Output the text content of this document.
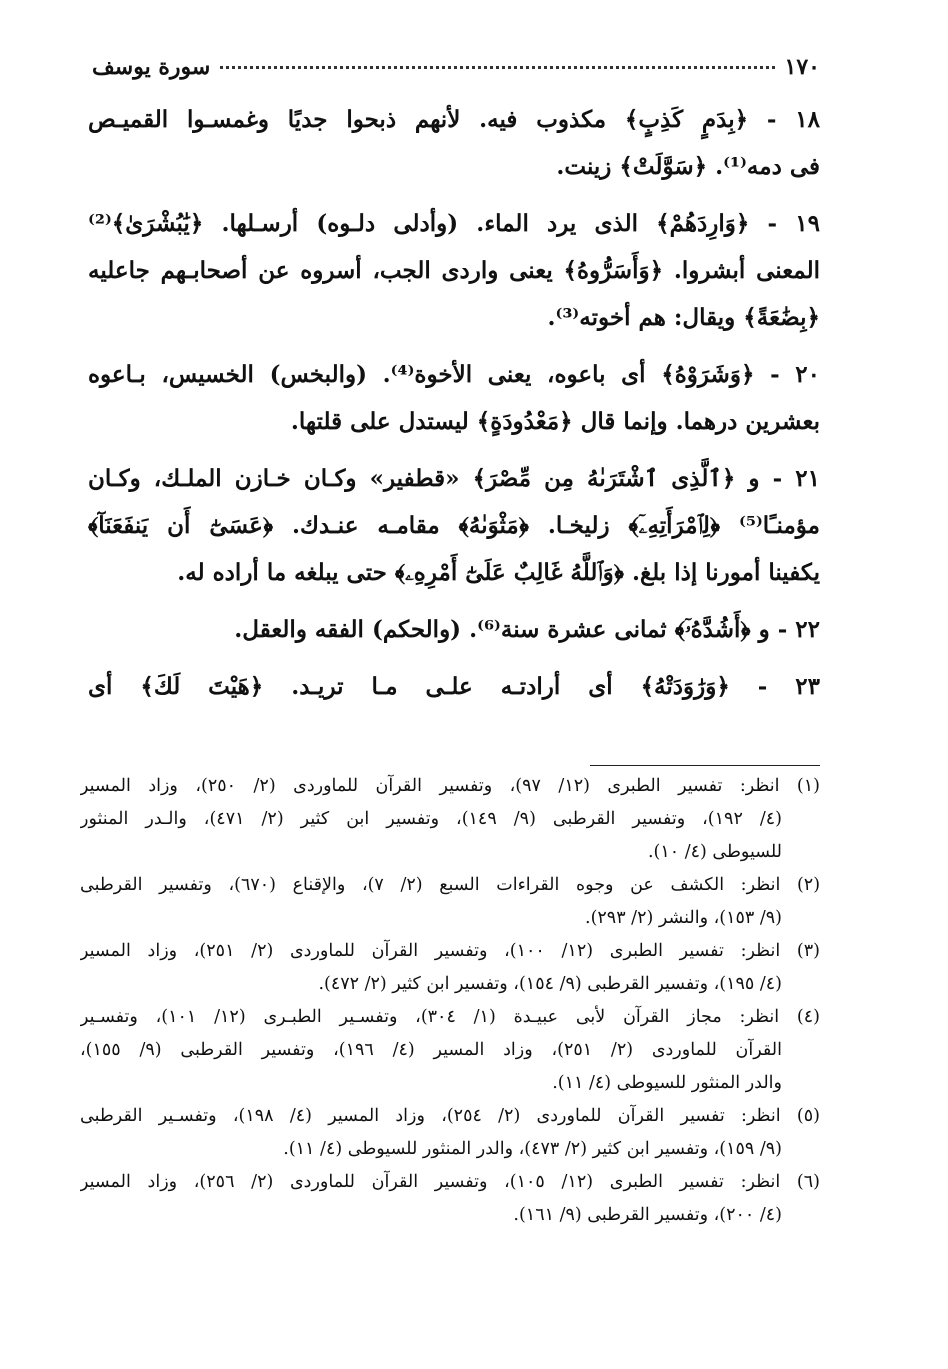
١٧٠
سورة يوسف
١٨ - ﴿بِدَمٍ كَذِبٍ﴾ مكذوب فيه. لأنهم ذبحوا جديًا وغمسـوا القميـص
فى دمه⁽¹⁾. ﴿سَوَّلَتْ﴾ زينت.
١٩ - ﴿وَارِدَهُمْ﴾ الذى يرد الماء. (وأدلى دلـوه) أرسـلها. ﴿يَٰبُشْرَىٰ﴾⁽²⁾
المعنى أبشروا. ﴿وَأَسَرُّوهُ﴾ يعنى واردى الجب، أسروه عن أصحابـهم جاعليه
﴿بِضَٰعَةً﴾ ويقال: هم أخوته⁽³⁾.
٢٠ - ﴿وَشَرَوْهُ﴾ أى باعوه، يعنى الأخوة⁽⁴⁾. (والبخس) الخسيس، بـاعوه
بعشرين درهما. وإنما قال ﴿مَعْدُودَةٍ﴾ ليستدل على قلتها.
٢١ - و ﴿ٱلَّذِى ٱشْتَرَىٰهُ مِن مِّصْرَ﴾ «قطفير» وكـان خـازن الملـك، وكـان
مؤمنـًا⁽⁵⁾ ﴿لِٱمْرَأَتِهِۦٓ﴾ زليخـا. ﴿مَثْوَىٰهُ﴾ مقامـه عنـدك. ﴿عَسَىٰٓ أَن يَنفَعَنَآ﴾
يكفينا أمورنا إذا بلغ. ﴿وَٱللَّهُ غَالِبٌ عَلَىٰٓ أَمْرِهِۦ﴾ حتى يبلغه ما أراده له.
٢٢ - و ﴿أَشُدَّهُۥٓ﴾ ثمانى عشرة سنة⁽⁶⁾. (والحكم) الفقه والعقل.
٢٣ - ﴿وَرَٰوَدَتْهُ﴾ أى أرادتـه علـى مـا تريـد. ﴿هَيْتَ لَكَ﴾ أى
(١) انظر: تفسير الطبرى (١٢/ ٩٧)، وتفسير القرآن للماوردى (٢/ ٢٥٠)، وزاد المسير
(٤/ ١٩٢)، وتفسير القرطبى (٩/ ١٤٩)، وتفسير ابن كثير (٢/ ٤٧١)، والـدر المنثور
للسيوطى (٤/ ١٠).
(٢) انظر: الكشف عن وجوه القراءات السبع (٢/ ٧)، والإقناع (٦٧٠)، وتفسير القرطبى
(٩/ ١٥٣)، والنشر (٢/ ٢٩٣).
(٣) انظر: تفسير الطبرى (١٢/ ١٠٠)، وتفسير القرآن للماوردى (٢/ ٢٥١)، وزاد المسير
(٤/ ١٩٥)، وتفسير القرطبى (٩/ ١٥٤)، وتفسير ابن كثير (٢/ ٤٧٢).
(٤) انظر: مجاز القرآن لأبى عبيـدة (١/ ٣٠٤)، وتفسـير الطبـرى (١٢/ ١٠١)، وتفسـير
القرآن للماوردى (٢/ ٢٥١)، وزاد المسير (٤/ ١٩٦)، وتفسير القرطبى (٩/ ١٥٥)،
والدر المنثور للسيوطى (٤/ ١١).
(٥) انظر: تفسير القرآن للماوردى (٢/ ٢٥٤)، وزاد المسير (٤/ ١٩٨)، وتفسـير القرطبى
(٩/ ١٥٩)، وتفسير ابن كثير (٢/ ٤٧٣)، والدر المنثور للسيوطى (٤/ ١١).
(٦) انظر: تفسير الطبرى (١٢/ ١٠٥)، وتفسير القرآن للماوردى (٢/ ٢٥٦)، وزاد المسير
(٤/ ٢٠٠)، وتفسير القرطبى (٩/ ١٦١).
